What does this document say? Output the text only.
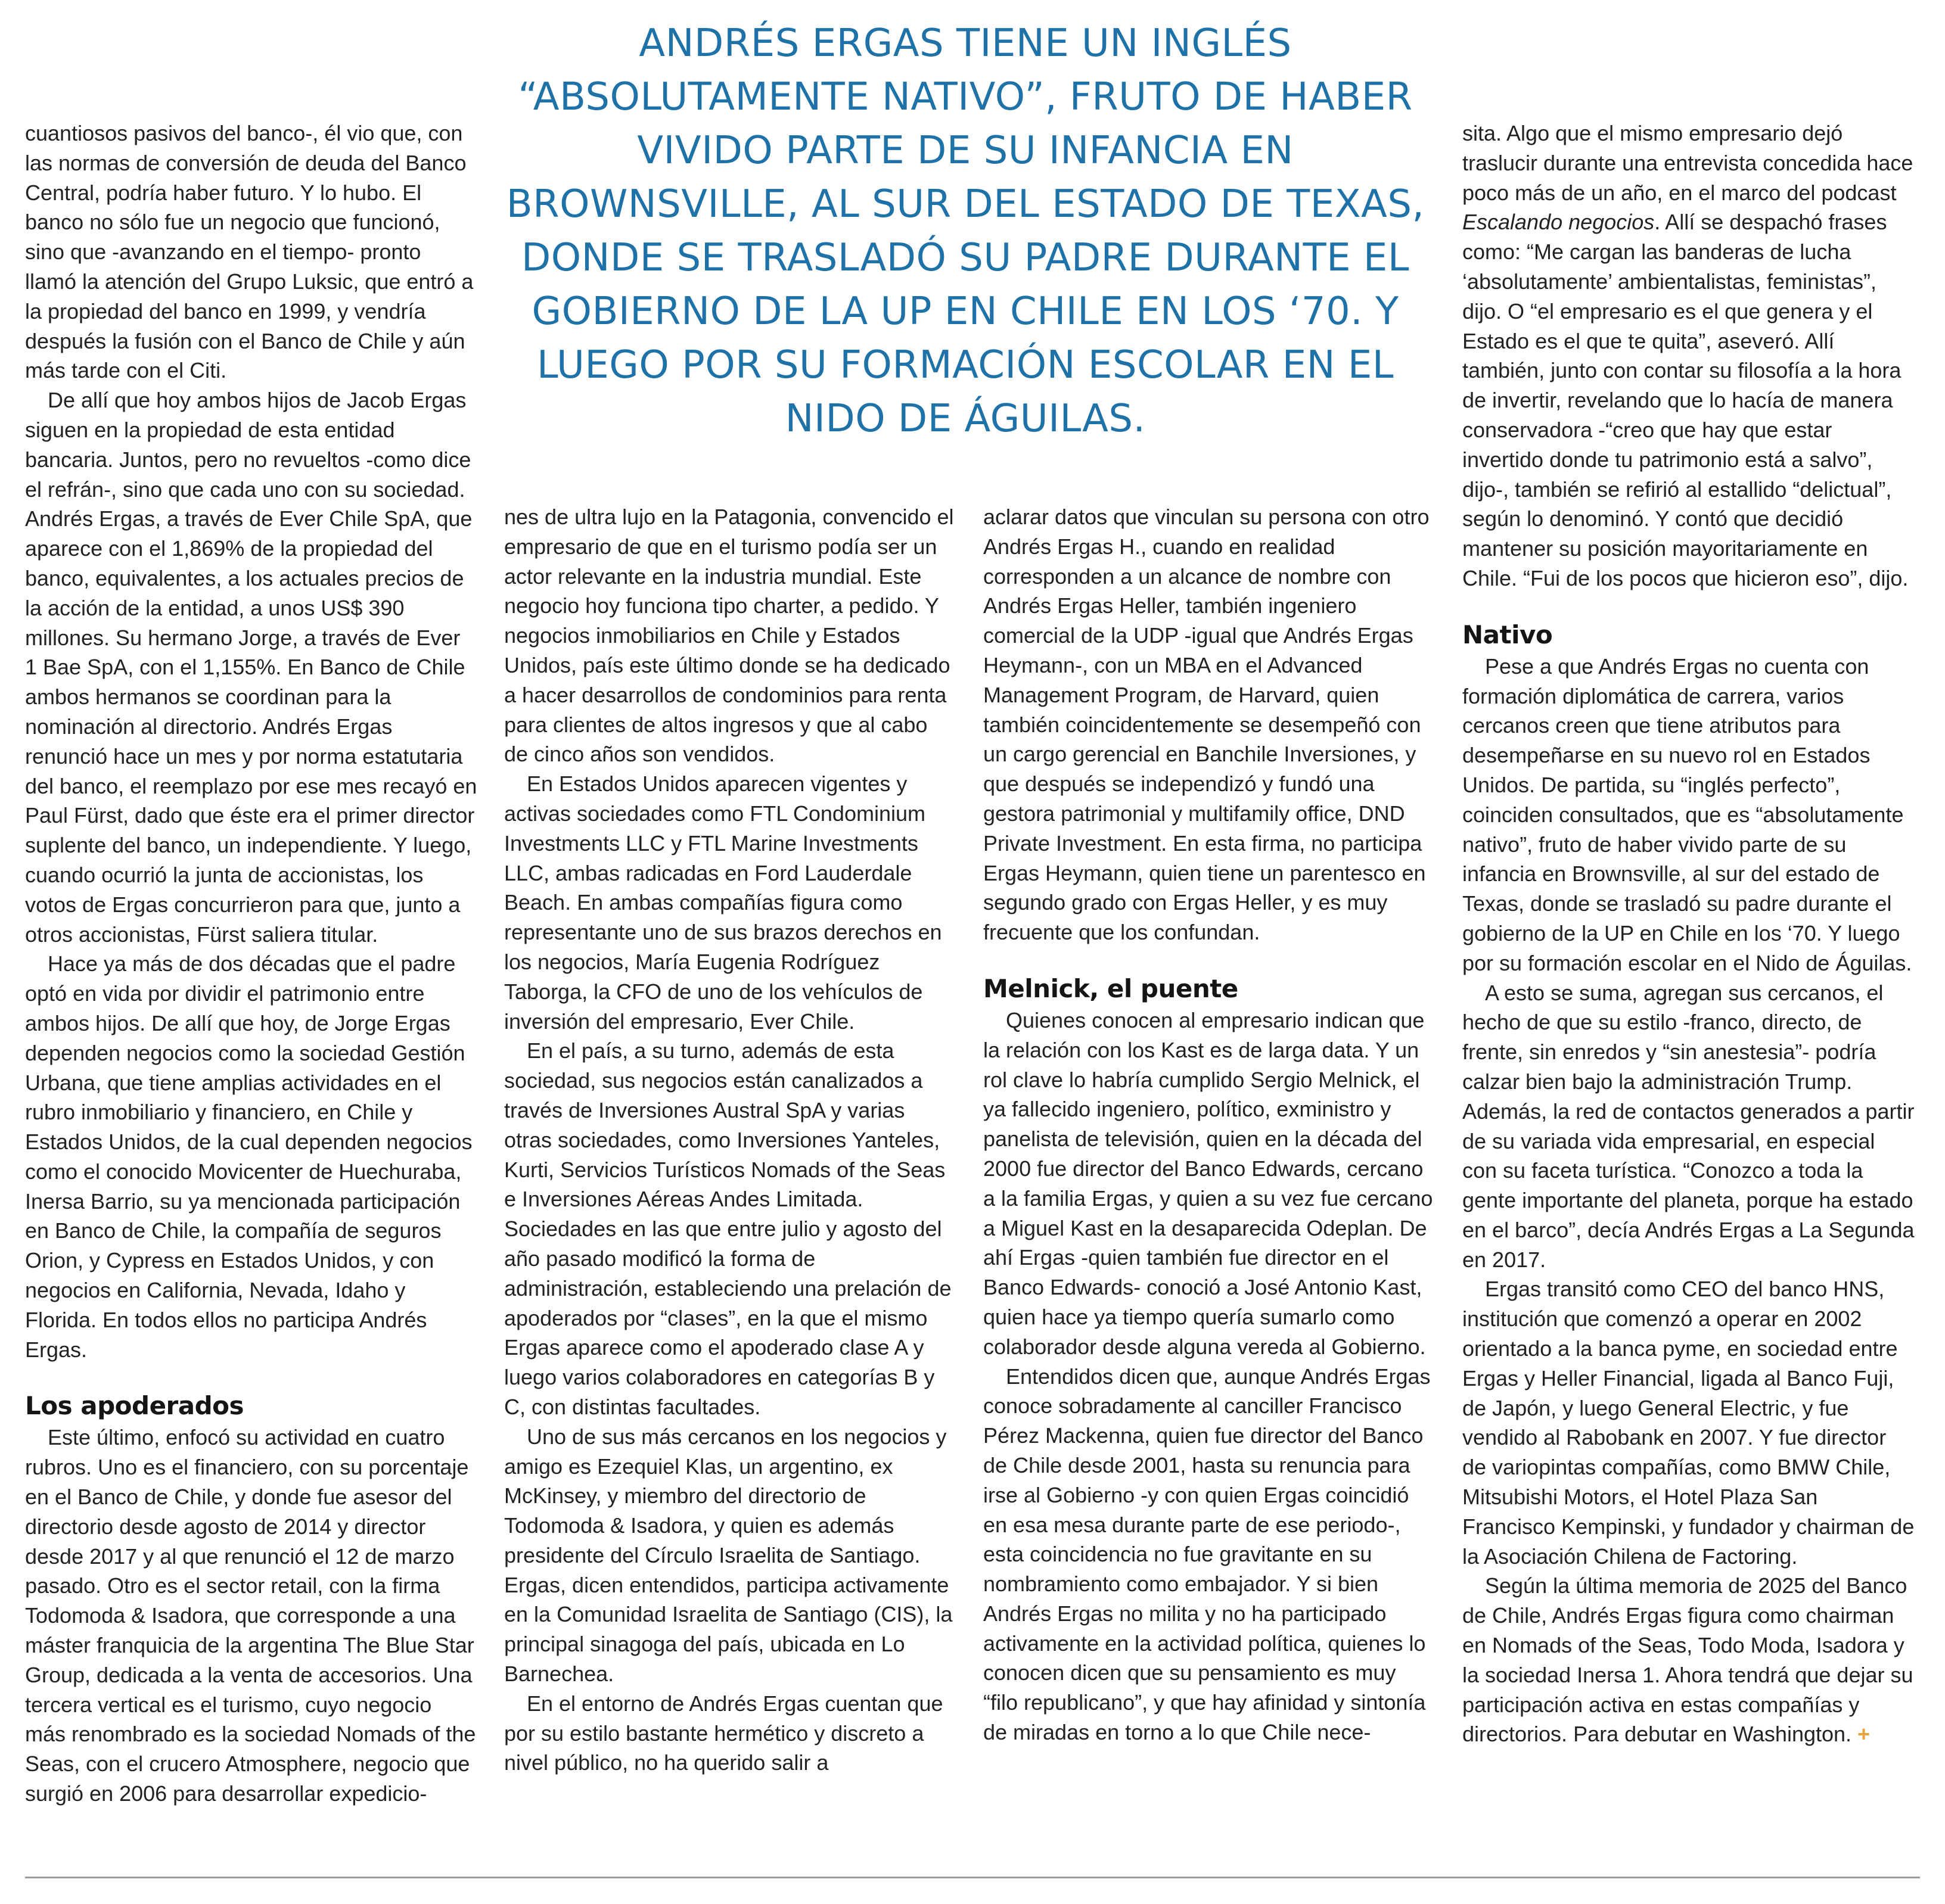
ANDRÉS ERGAS TIENE UN INGLÉS “ABSOLUTAMENTE NATIVO”, FRUTO DE HABER VIVIDO PARTE DE SU INFANCIA EN BROWNSVILLE, AL SUR DEL ESTADO DE TEXAS, DONDE SE TRASLADÓ SU PADRE DURANTE EL GOBIERNO DE LA UP EN CHILE EN LOS ‘70. Y LUEGO POR SU FORMACIÓN ESCOLAR EN EL NIDO DE ÁGUILAS.

cuantiosos pasivos del banco-, él vio que, con las normas de conversión de deuda del Banco Central, podría haber futuro. Y lo hubo. El banco no sólo fue un negocio que funcionó, sino que -avanzando en el tiempo- pronto llamó la atención del Grupo Luksic, que entró a la propiedad del banco en 1999, y vendría después la fusión con el Banco de Chile y aún más tarde con el Citi.

De allí que hoy ambos hijos de Jacob Ergas siguen en la propiedad de esta entidad bancaria. Juntos, pero no revueltos -como dice el refrán-, sino que cada uno con su sociedad. Andrés Ergas, a través de Ever Chile SpA, que aparece con el 1,869% de la propiedad del banco, equivalentes, a los actuales precios de la acción de la entidad, a unos US$ 390 millones. Su hermano Jorge, a través de Ever 1 Bae SpA, con el 1,155%. En Banco de Chile ambos hermanos se coordinan para la nominación al directorio. Andrés Ergas renunció hace un mes y por norma estatutaria del banco, el reemplazo por ese mes recayó en Paul Fürst, dado que éste era el primer director suplente del banco, un independiente. Y luego, cuando ocurrió la junta de accionistas, los votos de Ergas concurrieron para que, junto a otros accionistas, Fürst saliera titular.

Hace ya más de dos décadas que el padre optó en vida por dividir el patrimonio entre ambos hijos. De allí que hoy, de Jorge Ergas dependen negocios como la sociedad Gestión Urbana, que tiene amplias actividades en el rubro inmobiliario y financiero, en Chile y Estados Unidos, de la cual dependen negocios como el conocido Movicenter de Huechuraba, Inersa Barrio, su ya mencionada participación en Banco de Chile, la compañía de seguros Orion, y Cypress en Estados Unidos, y con negocios en California, Nevada, Idaho y Florida. En todos ellos no participa Andrés Ergas.

Los apoderados

Este último, enfocó su actividad en cuatro rubros. Uno es el financiero, con su porcentaje en el Banco de Chile, y donde fue asesor del directorio desde agosto de 2014 y director desde 2017 y al que renunció el 12 de marzo pasado. Otro es el sector retail, con la firma Todomoda & Isadora, que corresponde a una máster franquicia de la argentina The Blue Star Group, dedicada a la venta de accesorios. Una tercera vertical es el turismo, cuyo negocio más renombrado es la sociedad Nomads of the Seas, con el crucero Atmosphere, negocio que surgió en 2006 para desarrollar expedicio-

nes de ultra lujo en la Patagonia, convencido el empresario de que en el turismo podía ser un actor relevante en la industria mundial. Este negocio hoy funciona tipo charter, a pedido. Y negocios inmobiliarios en Chile y Estados Unidos, país este último donde se ha dedicado a hacer desarrollos de condominios para renta para clientes de altos ingresos y que al cabo de cinco años son vendidos.

En Estados Unidos aparecen vigentes y activas sociedades como FTL Condominium Investments LLC y FTL Marine Investments LLC, ambas radicadas en Ford Lauderdale Beach. En ambas compañías figura como representante uno de sus brazos derechos en los negocios, María Eugenia Rodríguez Taborga, la CFO de uno de los vehículos de inversión del empresario, Ever Chile.

En el país, a su turno, además de esta sociedad, sus negocios están canalizados a través de Inversiones Austral SpA y varias otras sociedades, como Inversiones Yanteles, Kurti, Servicios Turísticos Nomads of the Seas e Inversiones Aéreas Andes Limitada. Sociedades en las que entre julio y agosto del año pasado modificó la forma de administración, estableciendo una prelación de apoderados por “clases”, en la que el mismo Ergas aparece como el apoderado clase A y luego varios colaboradores en categorías B y C, con distintas facultades.

Uno de sus más cercanos en los negocios y amigo es Ezequiel Klas, un argentino, ex McKinsey, y miembro del directorio de Todomoda & Isadora, y quien es además presidente del Círculo Israelita de Santiago. Ergas, dicen entendidos, participa activamente en la Comunidad Israelita de Santiago (CIS), la principal sinagoga del país, ubicada en Lo Barnechea.

En el entorno de Andrés Ergas cuentan que por su estilo bastante hermético y discreto a nivel público, no ha querido salir a

aclarar datos que vinculan su persona con otro Andrés Ergas H., cuando en realidad corresponden a un alcance de nombre con Andrés Ergas Heller, también ingeniero comercial de la UDP -igual que Andrés Ergas Heymann-, con un MBA en el Advanced Management Program, de Harvard, quien también coincidentemente se desempeñó con un cargo gerencial en Banchile Inversiones, y que después se independizó y fundó una gestora patrimonial y multifamily office, DND Private Investment. En esta firma, no participa Ergas Heymann, quien tiene un parentesco en segundo grado con Ergas Heller, y es muy frecuente que los confundan.

Melnick, el puente

Quienes conocen al empresario indican que la relación con los Kast es de larga data. Y un rol clave lo habría cumplido Sergio Melnick, el ya fallecido ingeniero, político, exministro y panelista de televisión, quien en la década del 2000 fue director del Banco Edwards, cercano a la familia Ergas, y quien a su vez fue cercano a Miguel Kast en la desaparecida Odeplan. De ahí Ergas -quien también fue director en el Banco Edwards- conoció a José Antonio Kast, quien hace ya tiempo quería sumarlo como colaborador desde alguna vereda al Gobierno.

Entendidos dicen que, aunque Andrés Ergas conoce sobradamente al canciller Francisco Pérez Mackenna, quien fue director del Banco de Chile desde 2001, hasta su renuncia para irse al Gobierno -y con quien Ergas coincidió en esa mesa durante parte de ese periodo-, esta coincidencia no fue gravitante en su nombramiento como embajador. Y si bien Andrés Ergas no milita y no ha participado activamente en la actividad política, quienes lo conocen dicen que su pensamiento es muy “filo republicano”, y que hay afinidad y sintonía de miradas en torno a lo que Chile nece-

sita. Algo que el mismo empresario dejó traslucir durante una entrevista concedida hace poco más de un año, en el marco del podcast Escalando negocios. Allí se despachó frases como: “Me cargan las banderas de lucha ‘absolutamente’ ambientalistas, feministas”, dijo. O “el empresario es el que genera y el Estado es el que te quita”, aseveró. Allí también, junto con contar su filosofía a la hora de invertir, revelando que lo hacía de manera conservadora -“creo que hay que estar invertido donde tu patrimonio está a salvo”, dijo-, también se refirió al estallido “delictual”, según lo denominó. Y contó que decidió mantener su posición mayoritariamente en Chile. “Fui de los pocos que hicieron eso”, dijo.

Nativo

Pese a que Andrés Ergas no cuenta con formación diplomática de carrera, varios cercanos creen que tiene atributos para desempeñarse en su nuevo rol en Estados Unidos. De partida, su “inglés perfecto”, coinciden consultados, que es “absolutamente nativo”, fruto de haber vivido parte de su infancia en Brownsville, al sur del estado de Texas, donde se trasladó su padre durante el gobierno de la UP en Chile en los ‘70. Y luego por su formación escolar en el Nido de Águilas.

A esto se suma, agregan sus cercanos, el hecho de que su estilo -franco, directo, de frente, sin enredos y “sin anestesia”- podría calzar bien bajo la administración Trump. Además, la red de contactos generados a partir de su variada vida empresarial, en especial con su faceta turística. “Conozco a toda la gente importante del planeta, porque ha estado en el barco”, decía Andrés Ergas a La Segunda en 2017.

Ergas transitó como CEO del banco HNS, institución que comenzó a operar en 2002 orientado a la banca pyme, en sociedad entre Ergas y Heller Financial, ligada al Banco Fuji, de Japón, y luego General Electric, y fue vendido al Rabobank en 2007. Y fue director de variopintas compañías, como BMW Chile, Mitsubishi Motors, el Hotel Plaza San Francisco Kempinski, y fundador y chairman de la Asociación Chilena de Factoring.

Según la última memoria de 2025 del Banco de Chile, Andrés Ergas figura como chairman en Nomads of the Seas, Todo Moda, Isadora y la sociedad Inersa 1. Ahora tendrá que dejar su participación activa en estas compañías y directorios. Para debutar en Washington. +
